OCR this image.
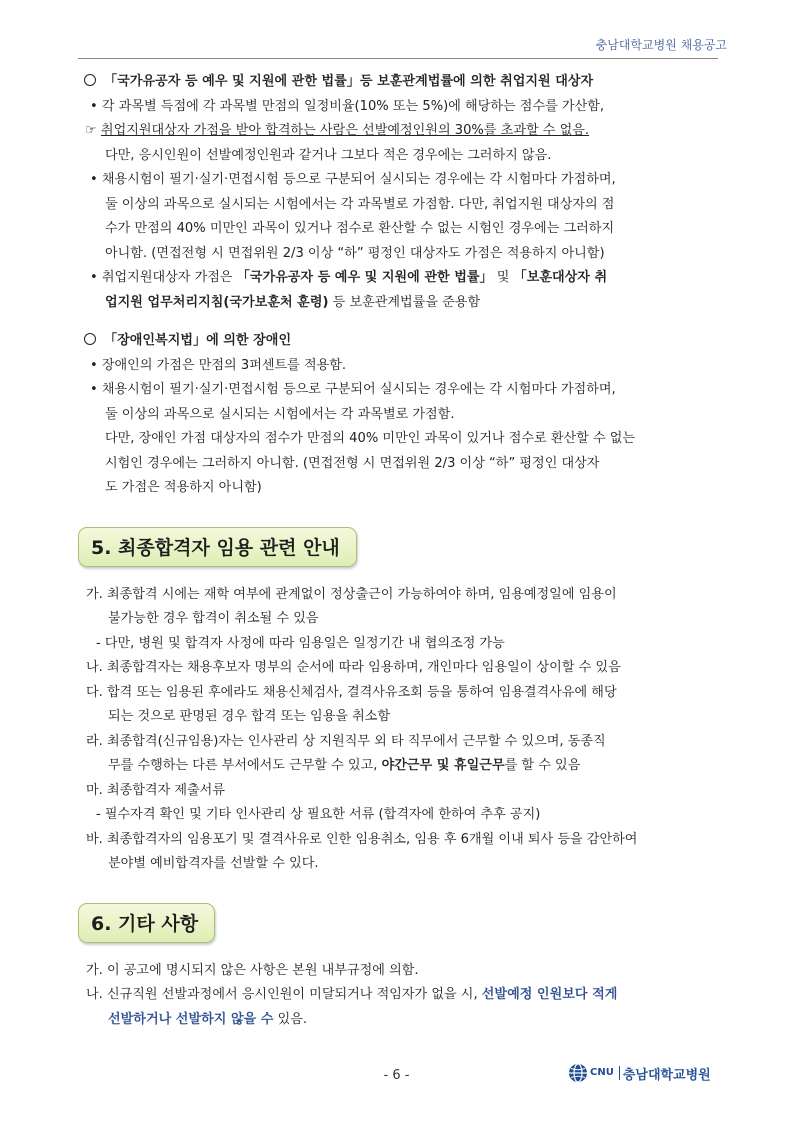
충남대학교병원 채용공고
「국가유공자 등 예우 및 지원에 관한 법률」등 보훈관계법률에 의한 취업지원 대상자
• 각 과목별 득점에 각 과목별 만점의 일정비율(10% 또는 5%)에 해당하는 점수를 가산함,
☞ 취업지원대상자 가점을 받아 합격하는 사람은 선발예정인원의 30%를 초과할 수 없음.
다만, 응시인원이 선발예정인원과 같거나 그보다 적은 경우에는 그러하지 않음.
• 채용시험이 필기‧실기‧면접시험 등으로 구분되어 실시되는 경우에는 각 시험마다 가점하며,
둘 이상의 과목으로 실시되는 시험에서는 각 과목별로 가점함. 다만, 취업지원 대상자의 점
수가 만점의 40% 미만인 과목이 있거나 점수로 환산할 수 없는 시험인 경우에는 그러하지
아니함. (면접전형 시 면접위원 2/3 이상 “하” 평정인 대상자도 가점은 적용하지 아니함)
• 취업지원대상자 가점은 「국가유공자 등 예우 및 지원에 관한 법률」 및 「보훈대상자 취
업지원 업무처리지침(국가보훈처 훈령) 등 보훈관계법률을 준용함
「장애인복지법」에 의한 장애인
• 장애인의 가점은 만점의 3퍼센트를 적용함.
• 채용시험이 필기‧실기‧면접시험 등으로 구분되어 실시되는 경우에는 각 시험마다 가점하며,
둘 이상의 과목으로 실시되는 시험에서는 각 과목별로 가점함.
다만, 장애인 가점 대상자의 점수가 만점의 40% 미만인 과목이 있거나 점수로 환산할 수 없는
시험인 경우에는 그러하지 아니함. (면접전형 시 면접위원 2/3 이상 “하” 평정인 대상자
도 가점은 적용하지 아니함)
5. 최종합격자 임용 관련 안내
가. 최종합격 시에는 재학 여부에 관계없이 정상출근이 가능하여야 하며, 임용예정일에 임용이
불가능한 경우 합격이 취소될 수 있음
- 다만, 병원 및 합격자 사정에 따라 임용일은 일정기간 내 협의조정 가능
나. 최종합격자는 채용후보자 명부의 순서에 따라 임용하며, 개인마다 임용일이 상이할 수 있음
다. 합격 또는 임용된 후에라도 채용신체검사, 결격사유조회 등을 통하여 임용결격사유에 해당
되는 것으로 판명된 경우 합격 또는 임용을 취소함
라. 최종합격(신규임용)자는 인사관리 상 지원직무 외 타 직무에서 근무할 수 있으며, 동종직
무를 수행하는 다른 부서에서도 근무할 수 있고, 야간근무 및 휴일근무를 할 수 있음
마. 최종합격자 제출서류
- 필수자격 확인 및 기타 인사관리 상 필요한 서류 (합격자에 한하여 추후 공지)
바. 최종합격자의 임용포기 및 결격사유로 인한 임용취소, 임용 후 6개월 이내 퇴사 등을 감안하여
분야별 예비합격자를 선발할 수 있다.
6. 기타 사항
가. 이 공고에 명시되지 않은 사항은 본원 내부규정에 의함.
나. 신규직원 선발과정에서 응시인원이 미달되거나 적임자가 없을 시, 선발예정 인원보다 적게
선발하거나 선발하지 않을 수 있음.
- 6 -	CNU 충남대학교병원
